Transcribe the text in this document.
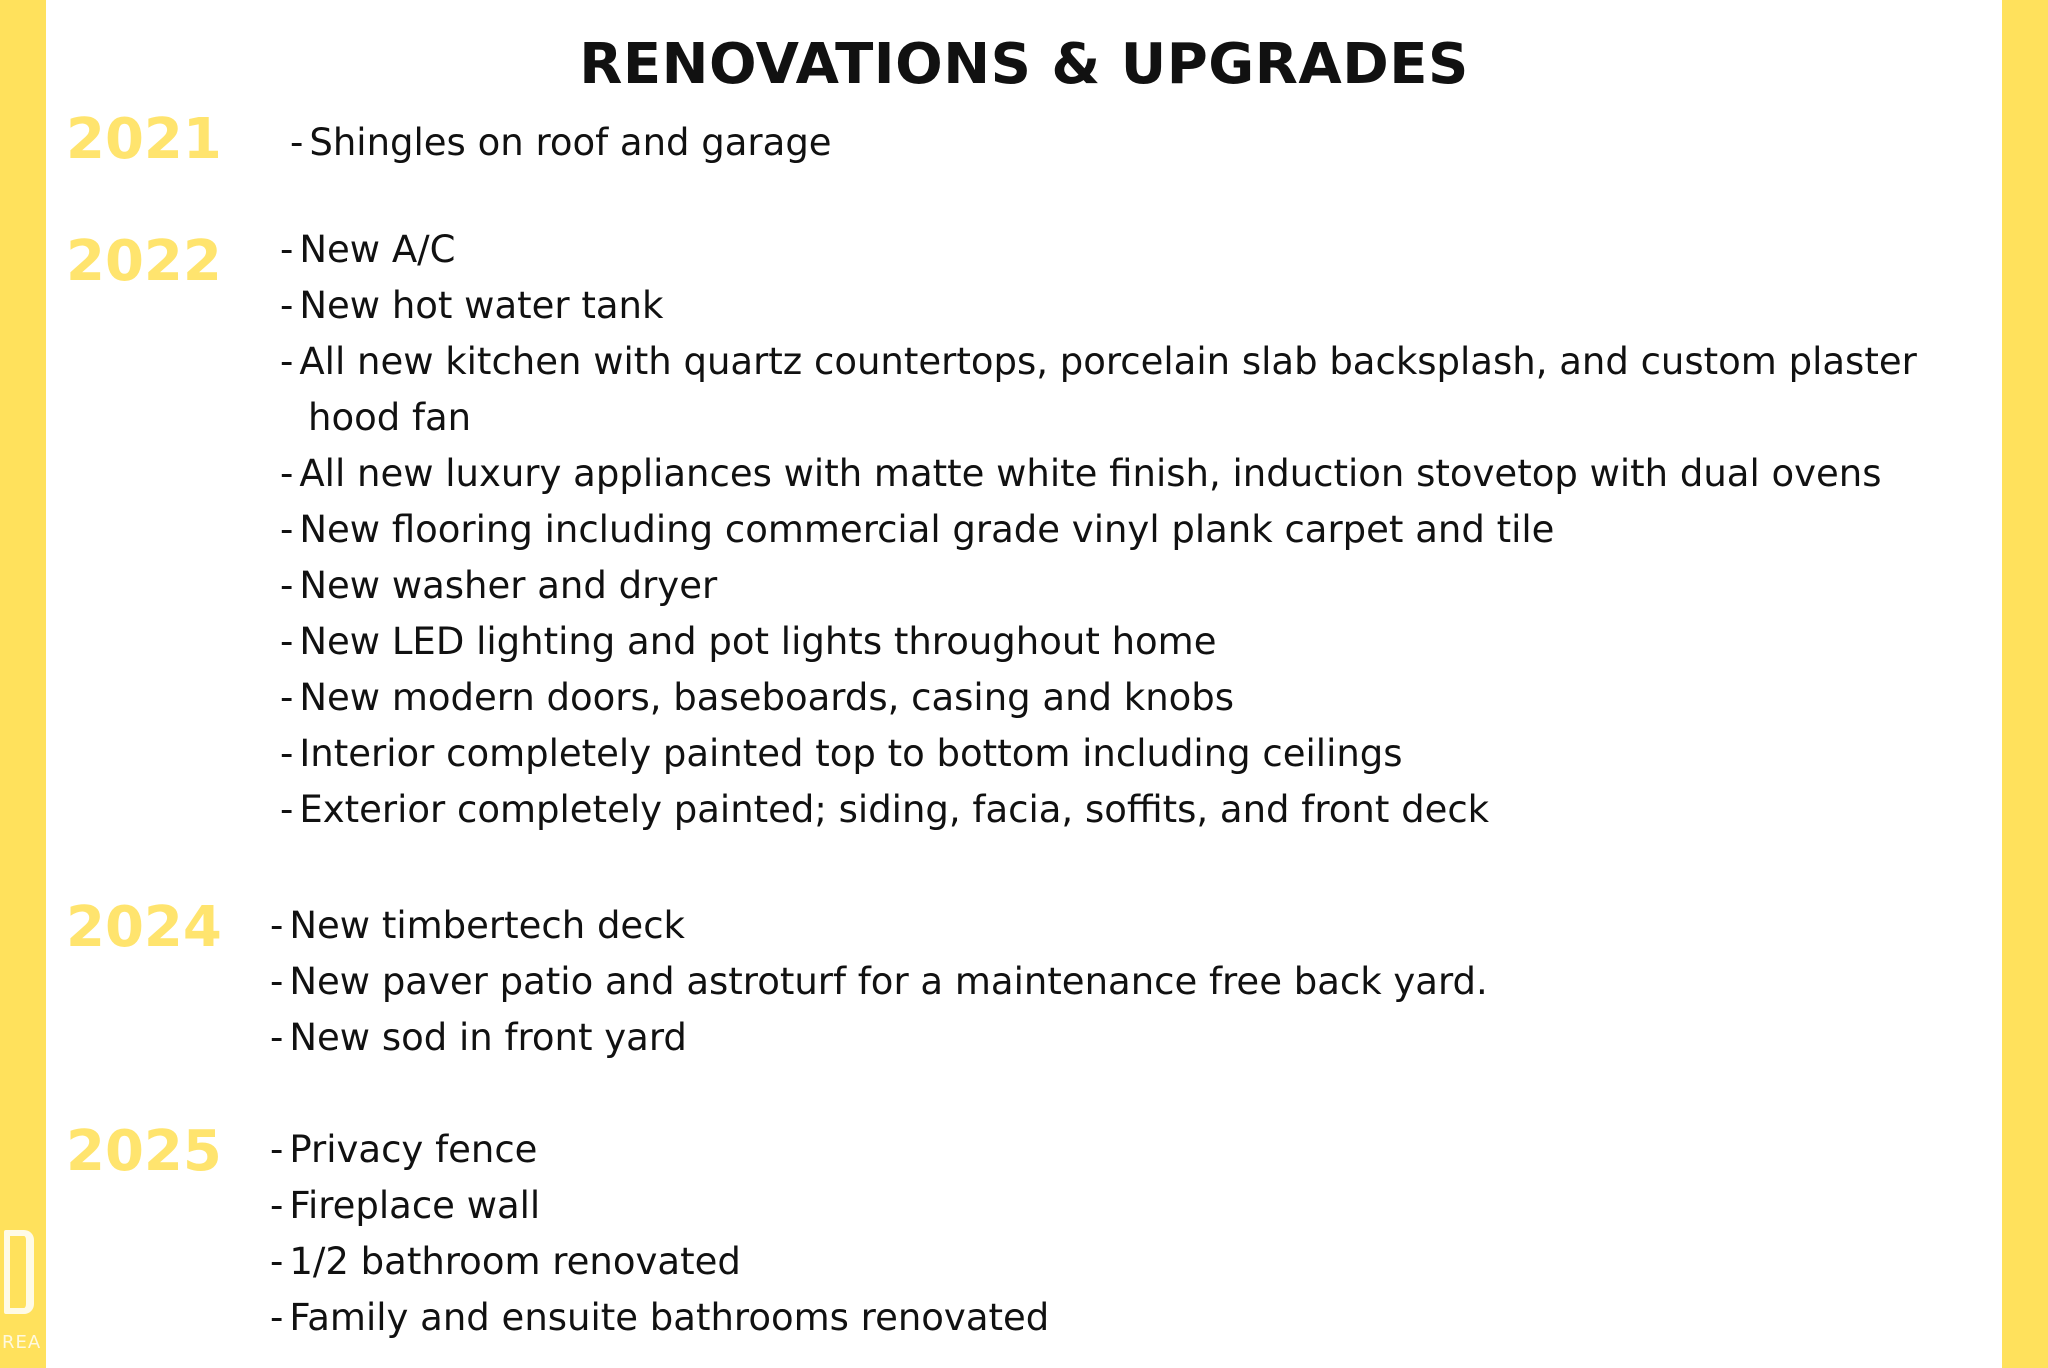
REA
RENOVATIONS & UPGRADES
2021 - Shingles on roof and garage
2022 - New A/C
- New hot water tank
- All new kitchen with quartz countertops, porcelain slab backsplash, and custom plaster
hood fan
- All new luxury appliances with matte white finish, induction stovetop with dual ovens
- New flooring including commercial grade vinyl plank carpet and tile
- New washer and dryer
- New LED lighting and pot lights throughout home
- New modern doors, baseboards, casing and knobs
- Interior completely painted top to bottom including ceilings
- Exterior completely painted; siding, facia, soffits, and front deck
2024 - New timbertech deck
- New paver patio and astroturf for a maintenance free back yard.
- New sod in front yard
2025 - Privacy fence
- Fireplace wall
- 1/2 bathroom renovated
- Family and ensuite bathrooms renovated
